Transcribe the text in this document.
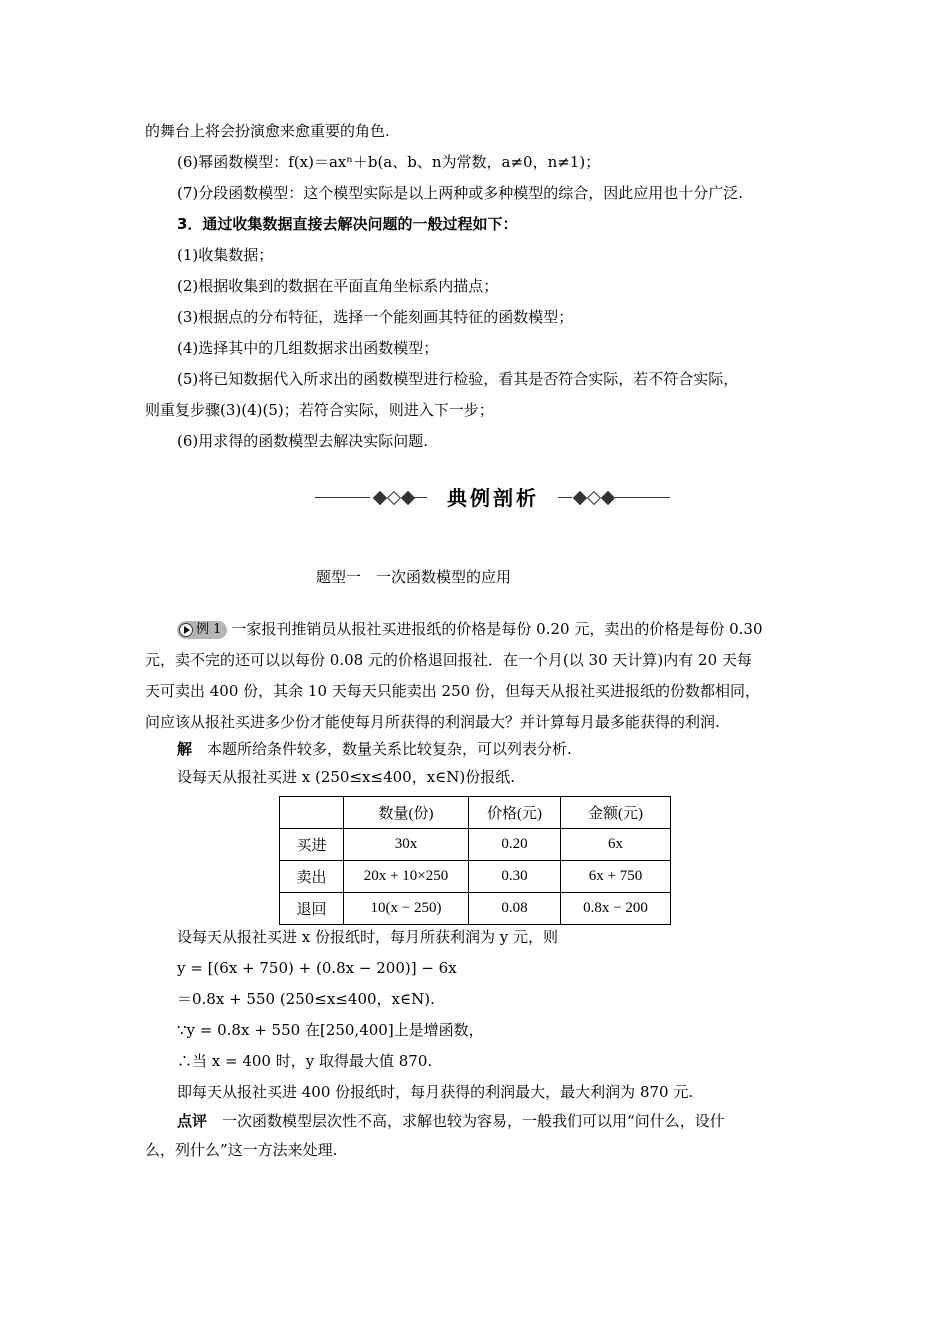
的舞台上将会扮演愈来愈重要的角色.
(6)幂函数模型：f(x)＝axⁿ＋b(a、b、n为常数，a≠0，n≠1)；
(7)分段函数模型：这个模型实际是以上两种或多种模型的综合，因此应用也十分广泛.
3．通过收集数据直接去解决问题的一般过程如下：
(1)收集数据；
(2)根据收集到的数据在平面直角坐标系内描点；
(3)根据点的分布特征，选择一个能刻画其特征的函数模型；
(4)选择其中的几组数据求出函数模型；
(5)将已知数据代入所求出的函数模型进行检验，看其是否符合实际，若不符合实际，
则重复步骤(3)(4)(5)；若符合实际，则进入下一步；
(6)用求得的函数模型去解决实际问题.
典例剖析
题型一　一次函数模型的应用
例 1 一家报刊推销员从报社买进报纸的价格是每份 0.20 元，卖出的价格是每份 0.30
元，卖不完的还可以以每份 0.08 元的价格退回报社．在一个月(以 30 天计算)内有 20 天每
天可卖出 400 份，其余 10 天每天只能卖出 250 份，但每天从报社买进报纸的份数都相同，
问应该从报社买进多少份才能使每月所获得的利润最大？并计算每月最多能获得的利润.
解　 本题所给条件较多，数量关系比较复杂，可以列表分析.
设每天从报社买进 x (250≤x≤400，x∈N)份报纸.
	数量(份)	价格(元)	金额(元)
买进	30x	0.20	6x
卖出	20x + 10×250	0.30	6x + 750
退回	10(x − 250)	0.08	0.8x − 200
设每天从报社买进 x 份报纸时，每月所获利润为 y 元，则
y = [(6x + 750) + (0.8x − 200)] − 6x
＝0.8x + 550 (250≤x≤400，x∈N).
∵y = 0.8x + 550 在[250,400]上是增函数，
∴当 x = 400 时，y 取得最大值 870.
即每天从报社买进 400 份报纸时，每月获得的利润最大，最大利润为 870 元.
点评　 一次函数模型层次性不高，求解也较为容易，一般我们可以用“问什么，设什
么，列什么”这一方法来处理.
